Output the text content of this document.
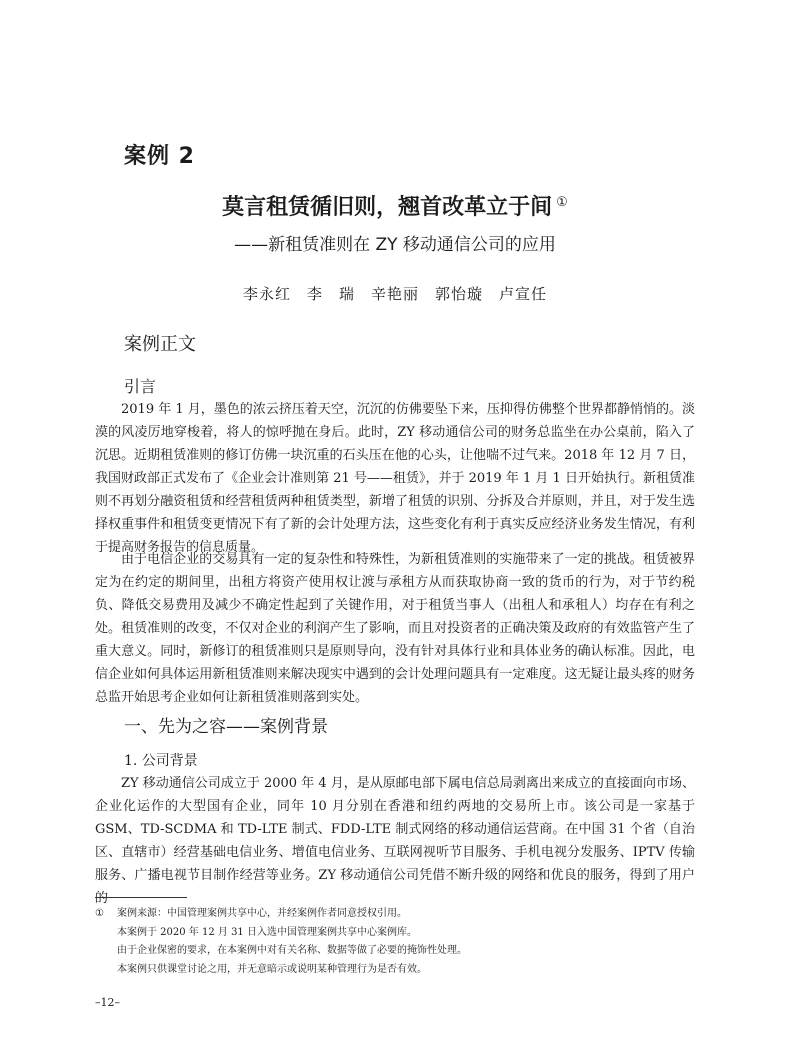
案例 2
莫言租赁循旧则，翘首改革立于间 ①
——新租赁准则在 ZY 移动通信公司的应用
李永红　李　瑞　辛艳丽　郭怡璇　卢宣任
案例正文
引言

2019 年 1 月，墨色的浓云挤压着天空，沉沉的仿佛要坠下来，压抑得仿佛整个世界都静悄悄的。淡漠的风凌厉地穿梭着，将人的惊呼抛在身后。此时，ZY 移动通信公司的财务总监坐在办公桌前，陷入了沉思。近期租赁准则的修订仿佛一块沉重的石头压在他的心头，让他喘不过气来。2018 年 12 月 7 日，我国财政部正式发布了《企业会计准则第 21 号——租赁》，并于 2019 年 1 月 1 日开始执行。新租赁准则不再划分融资租赁和经营租赁两种租赁类型，新增了租赁的识别、分拆及合并原则，并且，对于发生选择权重事件和租赁变更情况下有了新的会计处理方法，这些变化有利于真实反应经济业务发生情况，有利于提高财务报告的信息质量。

由于电信企业的交易具有一定的复杂性和特殊性，为新租赁准则的实施带来了一定的挑战。租赁被界定为在约定的期间里，出租方将资产使用权让渡与承租方从而获取协商一致的货币的行为，对于节约税负、降低交易费用及减少不确定性起到了关键作用，对于租赁当事人（出租人和承租人）均存在有利之处。租赁准则的改变，不仅对企业的利润产生了影响，而且对投资者的正确决策及政府的有效监管产生了重大意义。同时，新修订的租赁准则只是原则导向，没有针对具体行业和具体业务的确认标准。因此，电信企业如何具体运用新租赁准则来解决现实中遇到的会计处理问题具有一定难度。这无疑让最头疼的财务总监开始思考企业如何让新租赁准则落到实处。

一、先为之容——案例背景
1. 公司背景

ZY 移动通信公司成立于 2000 年 4 月，是从原邮电部下属电信总局剥离出来成立的直接面向市场、企业化运作的大型国有企业，同年 10 月分别在香港和纽约两地的交易所上市。该公司是一家基于 GSM、TD-SCDMA 和 TD-LTE 制式、FDD-LTE 制式网络的移动通信运营商。在中国 31 个省（自治区、直辖市）经营基础电信业务、增值电信业务、互联网视听节目服务、手机电视分发服务、IPTV 传输服务、广播电视节目制作经营等业务。ZY 移动通信公司凭借不断升级的网络和优良的服务，得到了用户的

① 案例来源：中国管理案例共享中心，并经案例作者同意授权引用。
本案例于 2020 年 12 月 31 日入选中国管理案例共享中心案例库。
由于企业保密的要求，在本案例中对有关名称、数据等做了必要的掩饰性处理。
本案例只供课堂讨论之用，并无意暗示或说明某种管理行为是否有效。
–12–
